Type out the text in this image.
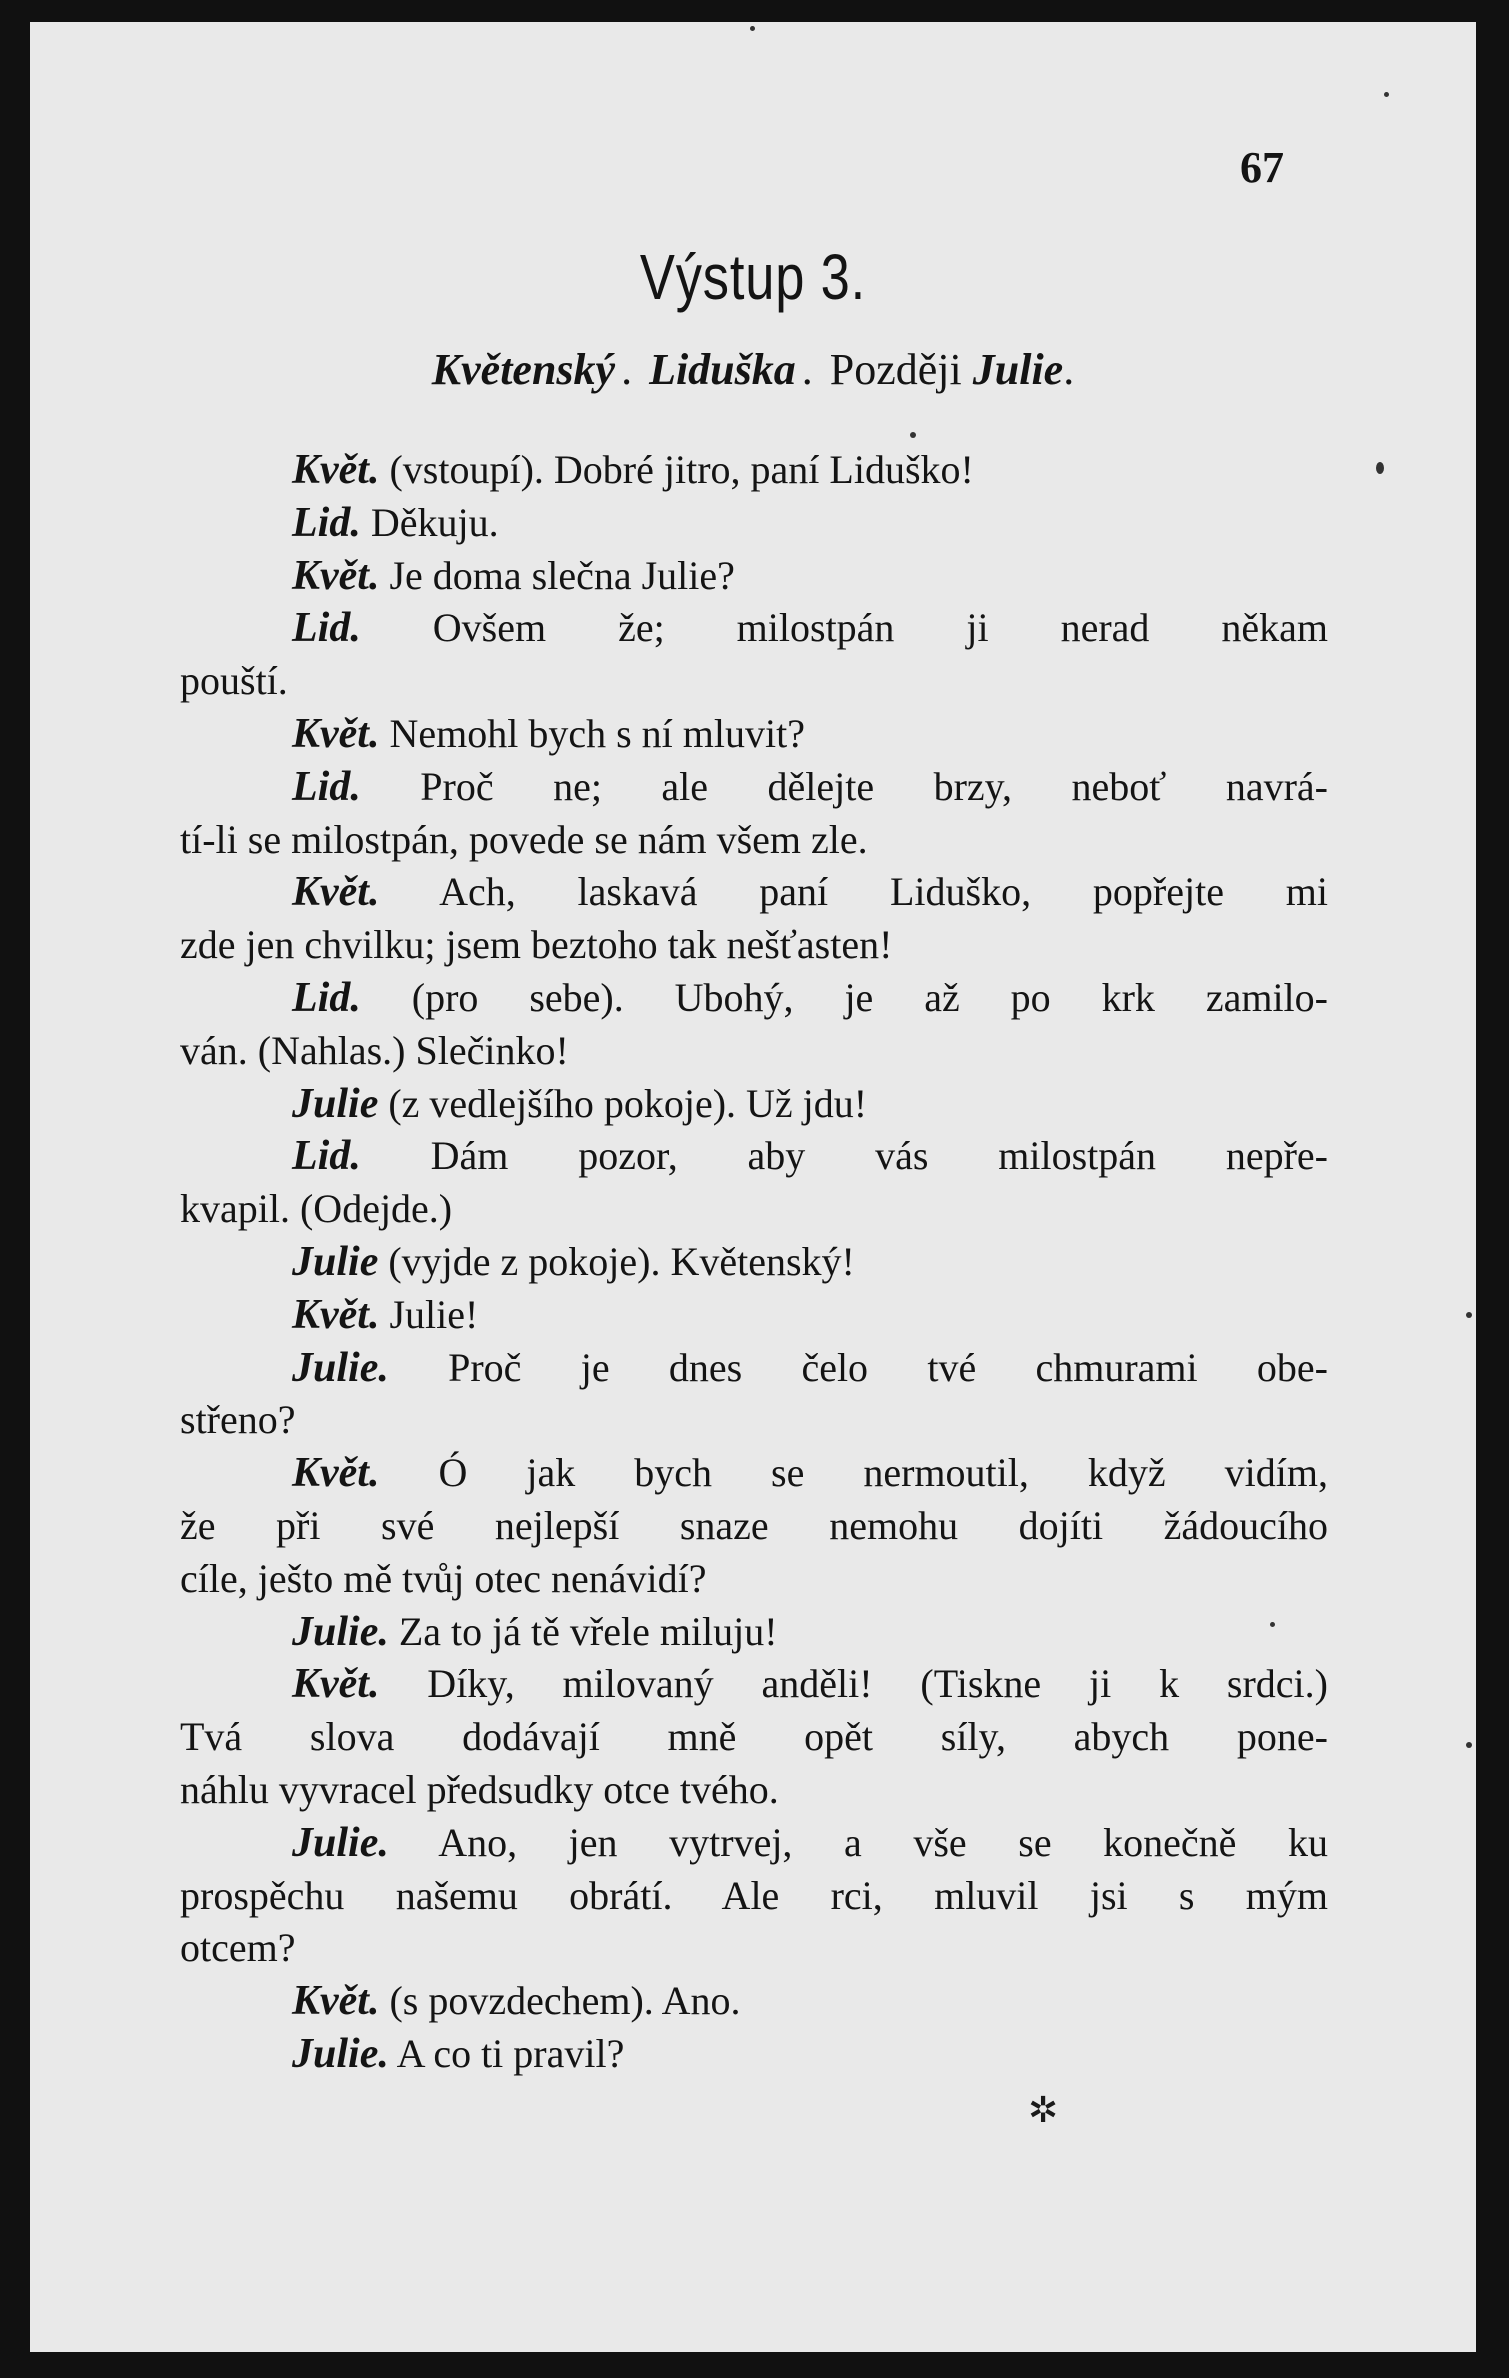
67
Výstup 3.
Květenský . Liduška . Později Julie.
Květ. (vstoupí). Dobré jitro, paní Liduško!
Lid. Děkuju.
Květ. Je doma slečna Julie?
Lid. Ovšem že; milostpán ji nerad někam
pouští.
Květ. Nemohl bych s ní mluvit?
Lid. Proč ne; ale dělejte brzy, neboť navrá-
tí-li se milostpán, povede se nám všem zle.
Květ. Ach, laskavá paní Liduško, popřejte mi
zde jen chvilku; jsem beztoho tak nešťasten!
Lid. (pro sebe). Ubohý, je až po krk zamilo-
ván. (Nahlas.) Slečinko!
Julie (z vedlejšího pokoje). Už jdu!
Lid. Dám pozor, aby vás milostpán nepře-
kvapil. (Odejde.)
Julie (vyjde z pokoje). Květenský!
Květ. Julie!
Julie. Proč je dnes čelo tvé chmurami obe-
střeno?
Květ. Ó jak bych se nermoutil, když vidím,
že při své nejlepší snaze nemohu dojíti žádoucího
cíle, ješto mě tvůj otec nenávidí?
Julie. Za to já tě vřele miluju!
Květ. Díky, milovaný anděli! (Tiskne ji k srdci.)
Tvá slova dodávají mně opět síly, abych pone-
náhlu vyvracel předsudky otce tvého.
Julie. Ano, jen vytrvej, a vše se konečně ku
prospěchu našemu obrátí. Ale rci, mluvil jsi s mým
otcem?
Květ. (s povzdechem). Ano.
Julie. A co ti pravil?
✲
